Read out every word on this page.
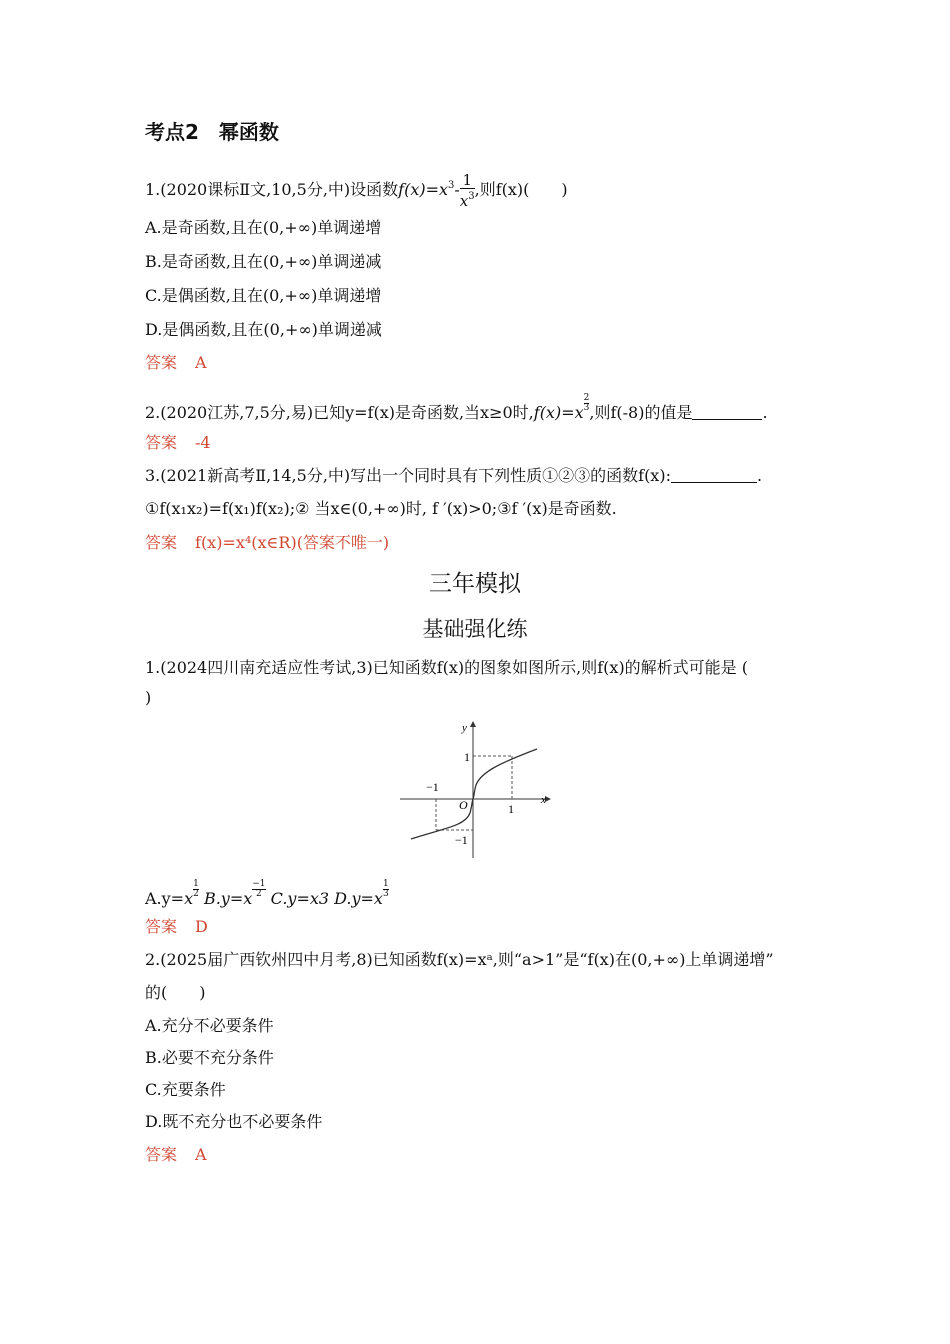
考点2　幂函数
1.(2020课标Ⅱ文,10,5分,中)设函数$f(x)=x^3- \frac{1}{x^3}$ ,则f(x)(　　)
A.是奇函数,且在(0,+∞)单调递增
B.是奇函数,且在(0,+∞)单调递减
C.是偶函数,且在(0,+∞)单调递增
D.是偶函数,且在(0,+∞)单调递减
答案 A
2.(2020江苏,7,5分,易)已知y=f(x)是奇函数,当x≥0时$,f(x)=x \frac{2}{3}$ ,则f(-8)的值是	.
答案 -4
3.(2021新高考Ⅱ,14,5分,中)写出一个同时具有下列性质①②③的函数f(x):	.
①f(x₁x₂)=f(x₁)f(x₂);② 当x∈(0,+∞)时, f ′(x)>0;③f ′(x)是奇函数.
答案 f(x)=x⁴(x∈R)(答案不唯一)
三年模拟
基础强化练
1.(2024四川南充适应性考试,3)已知函数f(x)的图象如图所示,则f(x)的解析式可能是 (
)
y
x
O	1
−1
1
−1
$A.y=x \frac{1}{2} B.y=x \frac{-1}{2} C.y=x3$ $D.y=x \frac{1}{3}$
答案 D
2.(2025届广西钦州四中月考,8)已知函数f(x)=xᵃ,则“a>1”是“f(x)在(0,+∞)上单调递增”
的(　　)
A.充分不必要条件
B.必要不充分条件
C.充要条件
D.既不充分也不必要条件
答案 A
